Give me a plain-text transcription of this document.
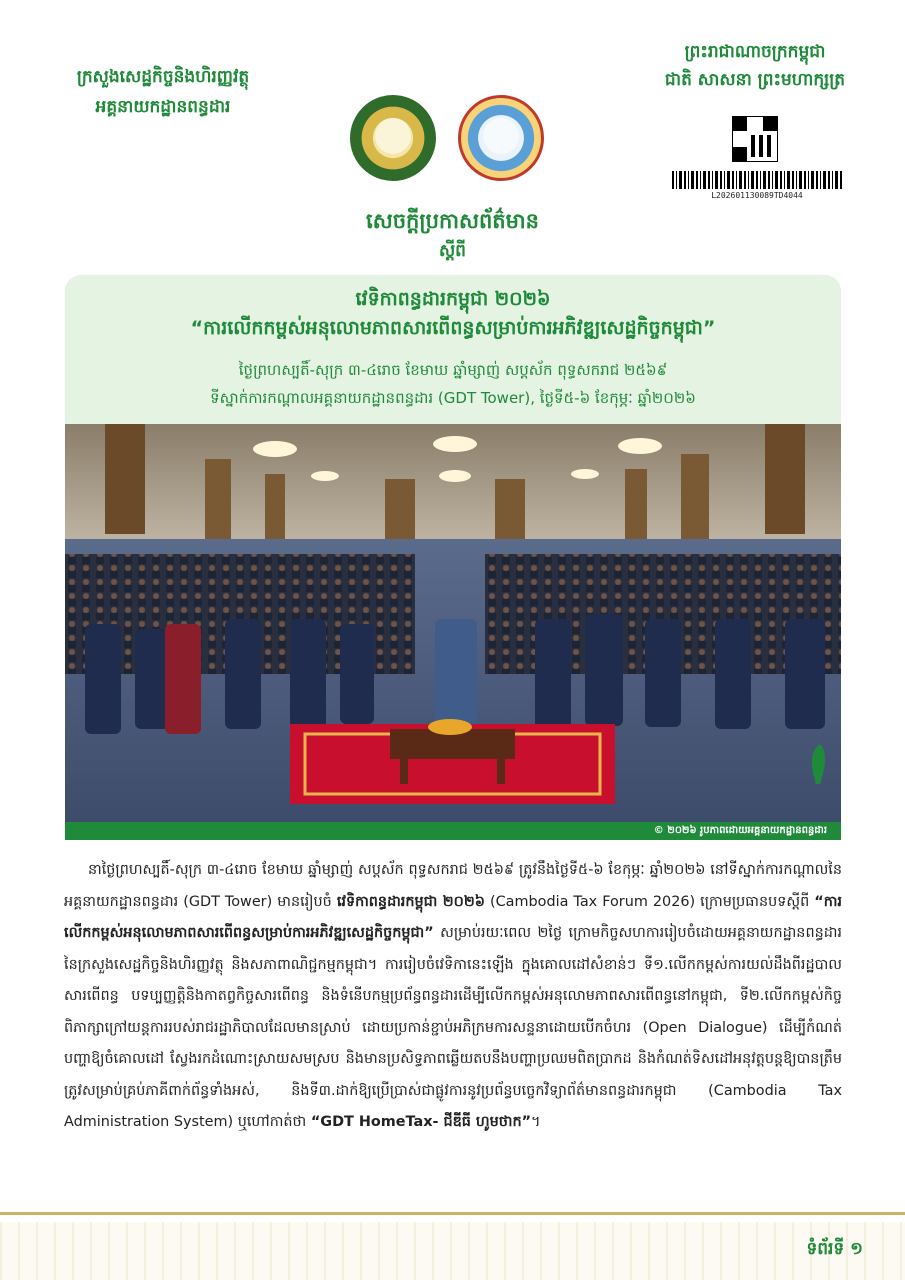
ក្រសួងសេដ្ឋកិច្ចនិងហិរញ្ញវត្ថុ
អគ្គនាយកដ្ឋានពន្ធដារ
ព្រះរាជាណាចក្រកម្ពុជា
ជាតិ សាសនា ព្រះមហាក្សត្រ
L202601130089TD4044
សេចក្តីប្រកាសព័ត៌មាន
ស្តីពី
វេទិកាពន្ធដារកម្ពុជា ២០២៦
“ការលើកកម្ពស់អនុលោមភាពសារពើពន្ធសម្រាប់ការអភិវឌ្ឍសេដ្ឋកិច្ចកម្ពុជា”
ថ្ងៃព្រហស្បតិ៍-សុក្រ ៣-៤រោច ខែមាឃ ឆ្នាំម្សាញ់ សប្តស័ក ពុទ្ធសករាជ ២៥៦៩
ទីស្នាក់ការកណ្តាលអគ្គនាយកដ្ឋានពន្ធដារ (GDT Tower), ថ្ងៃទី៥-៦ ខែកុម្ភៈ ឆ្នាំ២០២៦
© ២០២៦ រូបភាពដោយអគ្គនាយកដ្ឋានពន្ធដារ
នាថ្ងៃព្រហស្បតិ៍-សុក្រ ៣-៤រោច ខែមាឃ ឆ្នាំម្សាញ់ សប្តស័ក ពុទ្ធសករាជ ២៥៦៩ ត្រូវនឹងថ្ងៃទី៥-៦ ខែកុម្ភៈ ឆ្នាំ២០២៦ នៅទីស្នាក់ការកណ្តាលនៃអគ្គនាយកដ្ឋានពន្ធដារ (GDT Tower) មានរៀបចំ វេទិកាពន្ធដារកម្ពុជា ២០២៦ (Cambodia Tax Forum 2026) ក្រោមប្រធានបទស្តីពី “ការលើកកម្ពស់អនុលោមភាពសារពើពន្ធសម្រាប់ការអភិវឌ្ឍសេដ្ឋកិច្ចកម្ពុជា” សម្រាប់រយៈពេល ២ថ្ងៃ ក្រោមកិច្ចសហការរៀបចំដោយអគ្គនាយកដ្ឋានពន្ធដារនៃក្រសួងសេដ្ឋកិច្ចនិងហិរញ្ញវត្ថុ និងសភាពាណិជ្ជកម្មកម្ពុជា។ ការរៀបចំវេទិកានេះឡើង ក្នុងគោលដៅសំខាន់ៗ ទី១.លើកកម្ពស់ការយល់ដឹងពីរដ្ឋបាលសារពើពន្ធ បទប្បញ្ញត្តិនិងកាតព្វកិច្ចសារពើពន្ធ និងទំនើបកម្មប្រព័ន្ធពន្ធដារដើម្បីលើកកម្ពស់អនុលោមភាពសារពើពន្ធនៅកម្ពុជា, ទី២.លើកកម្ពស់កិច្ចពិភាក្សាក្រៅយន្តការរបស់រាជរដ្ឋាភិបាលដែលមានស្រាប់ ដោយប្រកាន់ខ្ជាប់អភិក្រមការសន្ទនាដោយបើកចំហរ (Open Dialogue) ដើម្បីកំណត់បញ្ហាឱ្យចំគោលដៅ ស្វែងរកដំណោះស្រាយសមស្រប និងមានប្រសិទ្ធភាពឆ្លើយតបនឹងបញ្ហាប្រឈមពិតប្រាកដ និងកំណត់ទិសដៅអនុវត្តបន្តឱ្យបានត្រឹមត្រូវសម្រាប់គ្រប់ភាគីពាក់ព័ន្ធទាំងអស់, និងទី៣.ដាក់ឱ្យប្រើប្រាស់ជាផ្លូវការនូវប្រព័ន្ធបច្ចេកវិទ្យាព័ត៌មានពន្ធដារកម្ពុជា (Cambodia Tax Administration System) ឬហៅកាត់ថា “GDT HomeTax- ជីឌីធី ហូមថាក”។
ទំព័រទី ១
